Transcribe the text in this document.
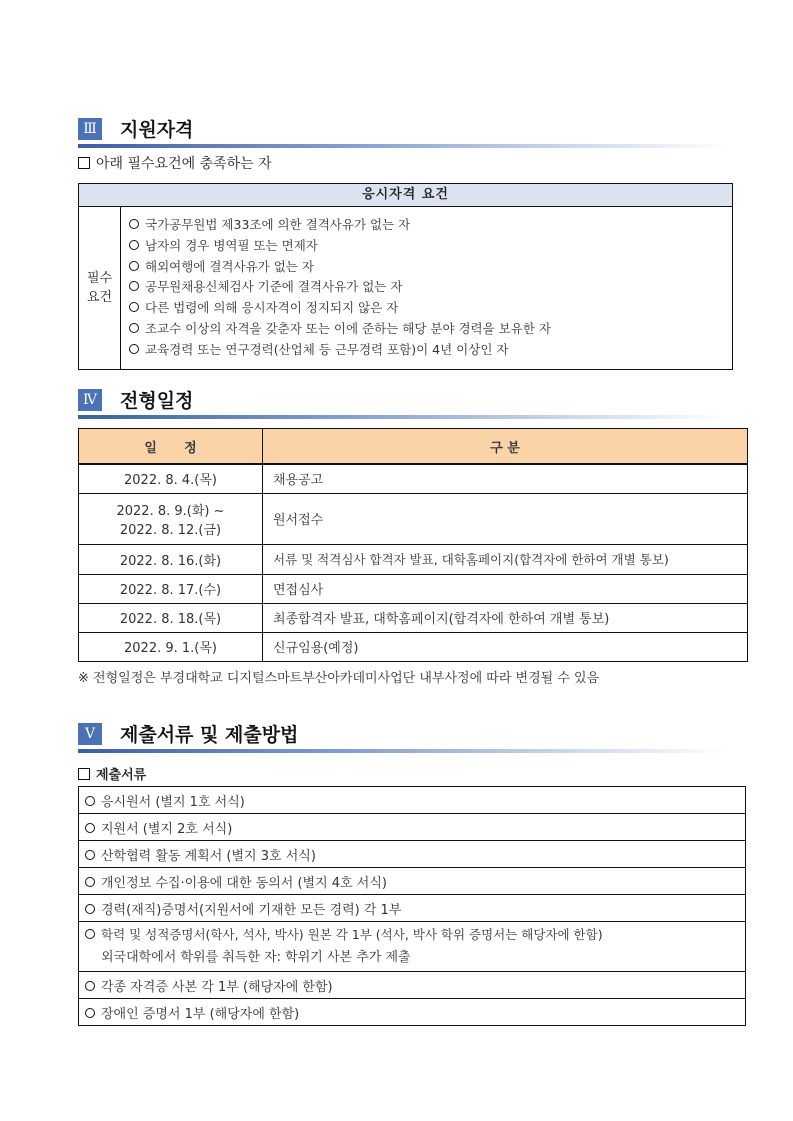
Ⅲ 지원자격
아래 필수요건에 충족하는 자
응시자격 요건
필수
요건
국가공무원법 제33조에 의한 결격사유가 없는 자
남자의 경우 병역필 또는 면제자
해외여행에 결격사유가 없는 자
공무원채용신체검사 기준에 결격사유가 없는 자
다른 법령에 의해 응시자격이 정지되지 않은 자
조교수 이상의 자격을 갖춘자 또는 이에 준하는 해당 분야 경력을 보유한 자
교육경력 또는 연구경력(산업체 등 근무경력 포함)이 4년 이상인 자
Ⅳ 전형일정
일      정	구 분
2022. 8. 4.(목)	채용공고

2022. 8. 9.(화) ~
2022. 8. 12.(금)	원서접수
2022. 8. 16.(화)	서류 및 적격심사 합격자 발표, 대학홈페이지(합격자에 한하여 개별 통보)
2022. 8. 17.(수)	면접심사
2022. 8. 18.(목)	최종합격자 발표, 대학홈페이지(합격자에 한하여 개별 통보)
2022. 9. 1.(목)	신규임용(예정)
※ 전형일정은 부경대학교 디지털스마트부산아카데미사업단 내부사정에 따라 변경될 수 있음
Ⅴ	제출서류 및 제출방법
제출서류
응시원서 (별지 1호 서식)
지원서 (별지 2호 서식)
산학협력 활동 계획서 (별지 3호 서식)
개인정보 수집·이용에 대한 동의서 (별지 4호 서식)
경력(재직)증명서(지원서에 기재한 모든 경력) 각 1부
학력 및 성적증명서(학사, 석사, 박사) 원본 각 1부 (석사, 박사 학위 증명서는 해당자에 한함)
외국대학에서 학위를 취득한 자: 학위기 사본 추가 제출

각종 자격증 사본 각 1부 (해당자에 한함)
장애인 증명서 1부 (해당자에 한함)
